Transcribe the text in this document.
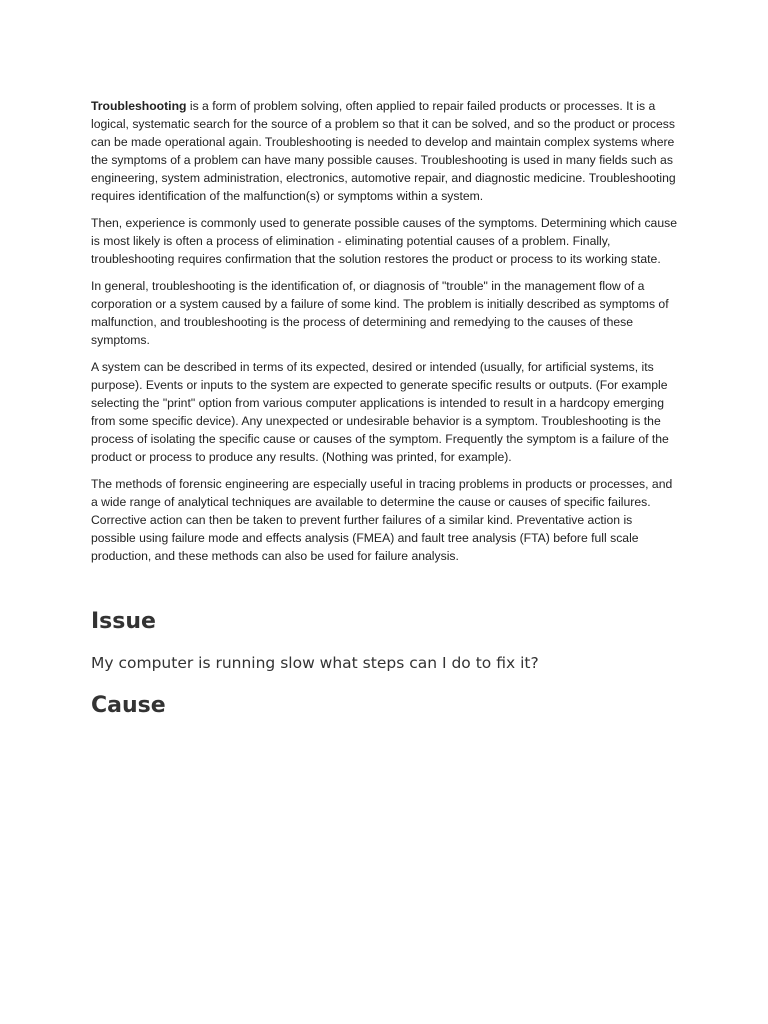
Troubleshooting is a form of problem solving, often applied to repair failed products or processes. It is a logical, systematic search for the source of a problem so that it can be solved, and so the product or process can be made operational again. Troubleshooting is needed to develop and maintain complex systems where the symptoms of a problem can have many possible causes. Troubleshooting is used in many fields such as engineering, system administration, electronics, automotive repair, and diagnostic medicine. Troubleshooting requires identification of the malfunction(s) or symptoms within a system.

Then, experience is commonly used to generate possible causes of the symptoms. Determining which cause is most likely is often a process of elimination - eliminating potential causes of a problem. Finally, troubleshooting requires confirmation that the solution restores the product or process to its working state.

In general, troubleshooting is the identification of, or diagnosis of "trouble" in the management flow of a corporation or a system caused by a failure of some kind. The problem is initially described as symptoms of malfunction, and troubleshooting is the process of determining and remedying to the causes of these symptoms.

A system can be described in terms of its expected, desired or intended (usually, for artificial systems, its purpose). Events or inputs to the system are expected to generate specific results or outputs. (For example selecting the "print" option from various computer applications is intended to result in a hardcopy emerging from some specific device). Any unexpected or undesirable behavior is a symptom. Troubleshooting is the process of isolating the specific cause or causes of the symptom. Frequently the symptom is a failure of the product or process to produce any results. (Nothing was printed, for example).

The methods of forensic engineering are especially useful in tracing problems in products or processes, and a wide range of analytical techniques are available to determine the cause or causes of specific failures. Corrective action can then be taken to prevent further failures of a similar kind. Preventative action is possible using failure mode and effects analysis (FMEA) and fault tree analysis (FTA) before full scale production, and these methods can also be used for failure analysis.

Issue

My computer is running slow what steps can I do to fix it?

Cause
